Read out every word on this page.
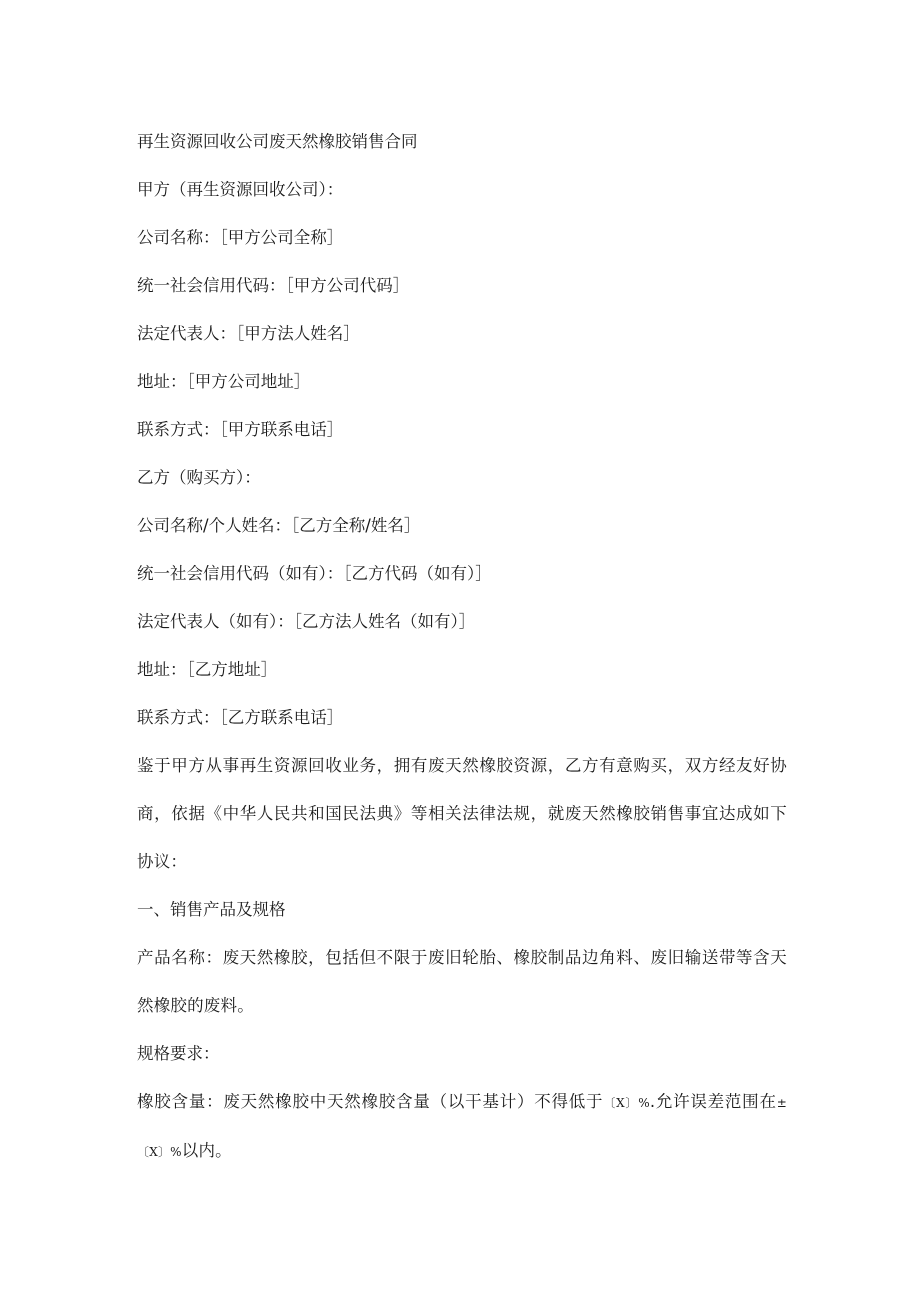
再生资源回收公司废天然橡胶销售合同

甲方（再生资源回收公司）：

公司名称：［甲方公司全称］

统一社会信用代码：［甲方公司代码］

法定代表人：［甲方法人姓名］

地址：［甲方公司地址］

联系方式：［甲方联系电话］

乙方（购买方）：

公司名称/个人姓名：［乙方全称/姓名］

统一社会信用代码（如有）：［乙方代码（如有）］

法定代表人（如有）：［乙方法人姓名（如有）］

地址：［乙方地址］

联系方式：［乙方联系电话］

鉴于甲方从事再生资源回收业务，拥有废天然橡胶资源，乙方有意购买，双方经友好协商，依据《中华人民共和国民法典》等相关法律法规，就废天然橡胶销售事宜达成如下协议：

一、销售产品及规格

产品名称：废天然橡胶，包括但不限于废旧轮胎、橡胶制品边角料、废旧输送带等含天然橡胶的废料。

规格要求：

橡胶含量：废天然橡胶中天然橡胶含量（以干基计）不得低于〔X〕%.允许误差范围在±〔X〕%以内。
